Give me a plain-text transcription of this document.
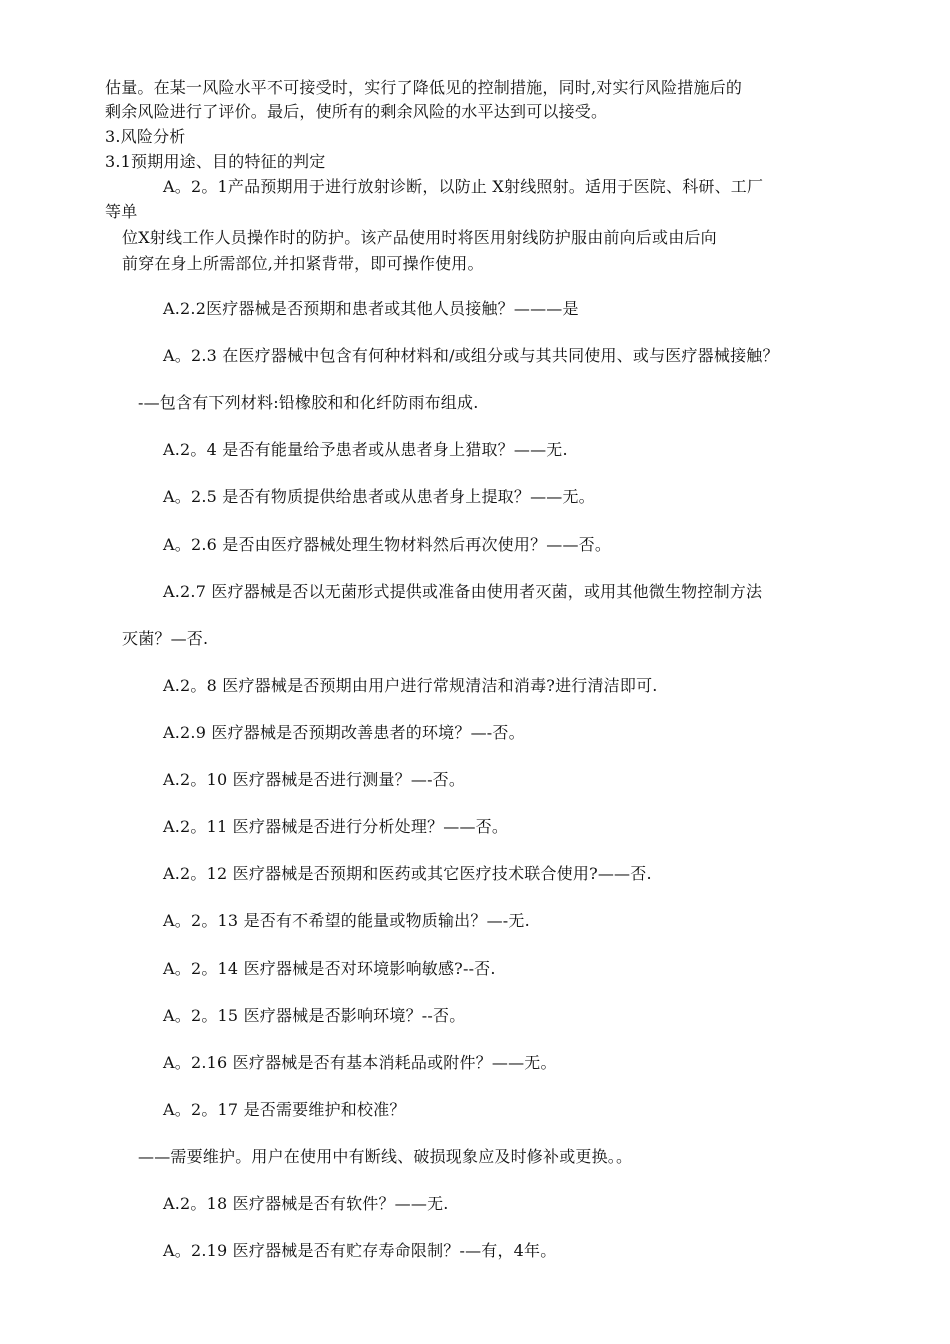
估量。在某一风险水平不可接受时，实行了降低见的控制措施，同时,对实行风险措施后的
剩余风险进行了评价。最后，使所有的剩余风险的水平达到可以接受。
3.风险分析
3.1预期用途、目的特征的判定
A。2。1产品预期用于进行放射诊断，以防止 X射线照射。适用于医院、科研、工厂
等单
位X射线工作人员操作时的防护。该产品使用时将医用射线防护服由前向后或由后向
前穿在身上所需部位,并扣紧背带，即可操作使用。
A.2.2医疗器械是否预期和患者或其他人员接触？———是
A。2.3 在医疗器械中包含有何种材料和/或组分或与其共同使用、或与医疗器械接触？
-—包含有下列材料:铅橡胶和和化纤防雨布组成.
A.2。4 是否有能量给予患者或从患者身上猎取？——无.
A。2.5 是否有物质提供给患者或从患者身上提取？——无。
A。2.6 是否由医疗器械处理生物材料然后再次使用？——否。
A.2.7 医疗器械是否以无菌形式提供或准备由使用者灭菌，或用其他微生物控制方法
灭菌？—否.
A.2。8 医疗器械是否预期由用户进行常规清洁和消毒?进行清洁即可.
A.2.9 医疗器械是否预期改善患者的环境？—-否。
A.2。10 医疗器械是否进行测量？—-否。
A.2。11 医疗器械是否进行分析处理？——否。
A.2。12 医疗器械是否预期和医药或其它医疗技术联合使用?——否.
A。2。13 是否有不希望的能量或物质输出？—-无.
A。2。14 医疗器械是否对环境影响敏感?--否.
A。2。15 医疗器械是否影响环境？--否。
A。2.16 医疗器械是否有基本消耗品或附件？——无。
A。2。17 是否需要维护和校准？
——需要维护。用户在使用中有断线、破损现象应及时修补或更换。。
A.2。18 医疗器械是否有软件？——无.
A。2.19 医疗器械是否有贮存寿命限制？-—有，4年。
